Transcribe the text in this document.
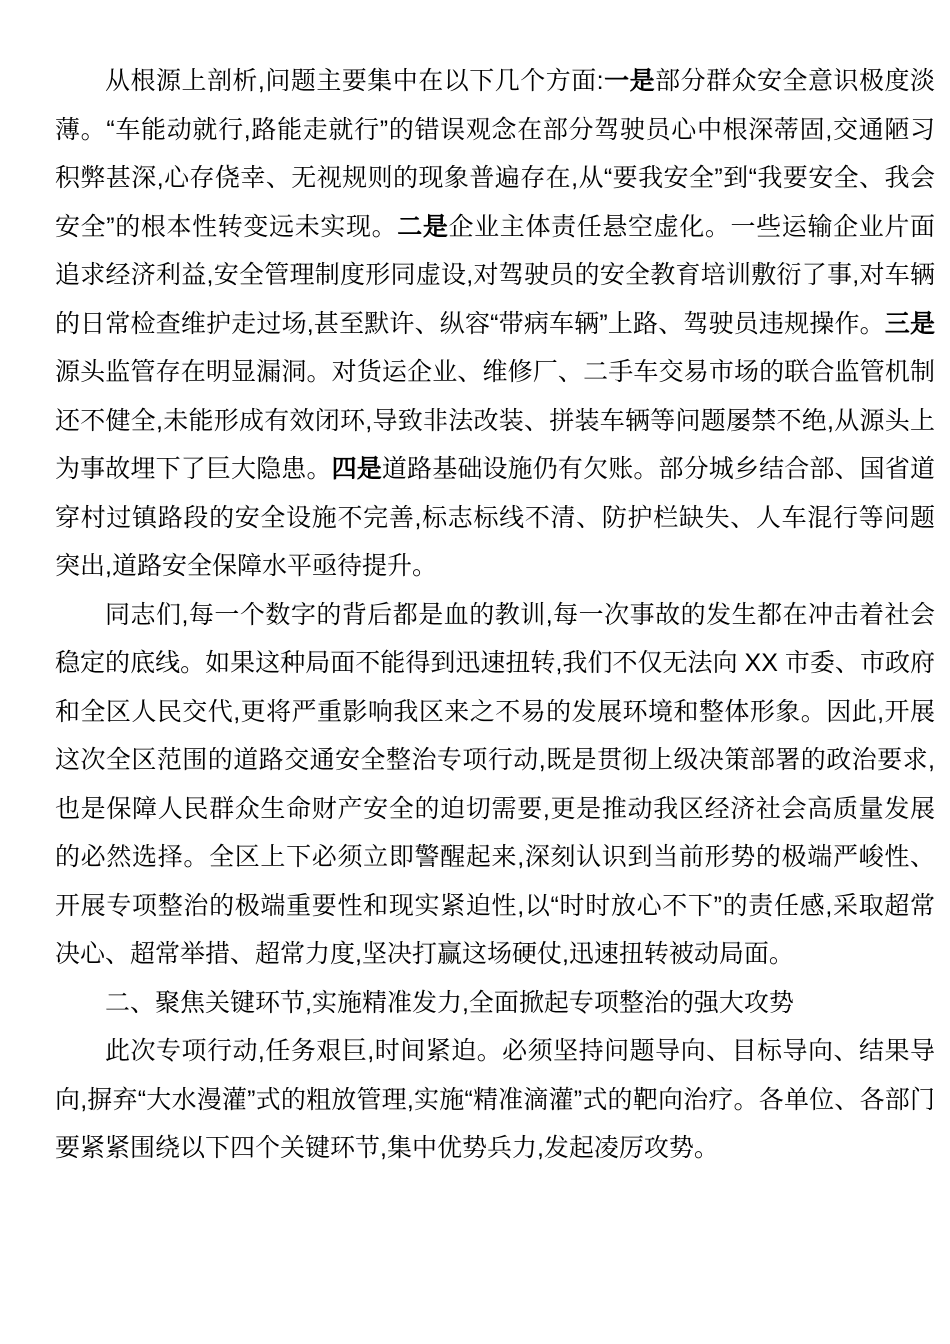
从根源上剖析,问题主要集中在以下几个方面:一是部分群众安全意识极度淡薄。“车能动就行,路能走就行”的错误观念在部分驾驶员心中根深蒂固,交通陋习积弊甚深,心存侥幸、无视规则的现象普遍存在,从“要我安全”到“我要安全、我会安全”的根本性转变远未实现。二是企业主体责任悬空虚化。一些运输企业片面追求经济利益,安全管理制度形同虚设,对驾驶员的安全教育培训敷衍了事,对车辆的日常检查维护走过场,甚至默许、纵容“带病车辆”上路、驾驶员违规操作。三是源头监管存在明显漏洞。对货运企业、维修厂、二手车交易市场的联合监管机制还不健全,未能形成有效闭环,导致非法改装、拼装车辆等问题屡禁不绝,从源头上为事故埋下了巨大隐患。四是道路基础设施仍有欠账。部分城乡结合部、国省道穿村过镇路段的安全设施不完善,标志标线不清、防护栏缺失、人车混行等问题突出,道路安全保障水平亟待提升。

同志们,每一个数字的背后都是血的教训,每一次事故的发生都在冲击着社会稳定的底线。如果这种局面不能得到迅速扭转,我们不仅无法向 XX 市委、市政府和全区人民交代,更将严重影响我区来之不易的发展环境和整体形象。因此,开展这次全区范围的道路交通安全整治专项行动,既是贯彻上级决策部署的政治要求,也是保障人民群众生命财产安全的迫切需要,更是推动我区经济社会高质量发展的必然选择。全区上下必须立即警醒起来,深刻认识到当前形势的极端严峻性、开展专项整治的极端重要性和现实紧迫性,以“时时放心不下”的责任感,采取超常决心、超常举措、超常力度,坚决打赢这场硬仗,迅速扭转被动局面。

二、聚焦关键环节,实施精准发力,全面掀起专项整治的强大攻势

此次专项行动,任务艰巨,时间紧迫。必须坚持问题导向、目标导向、结果导向,摒弃“大水漫灌”式的粗放管理,实施“精准滴灌”式的靶向治疗。各单位、各部门要紧紧围绕以下四个关键环节,集中优势兵力,发起凌厉攻势。
